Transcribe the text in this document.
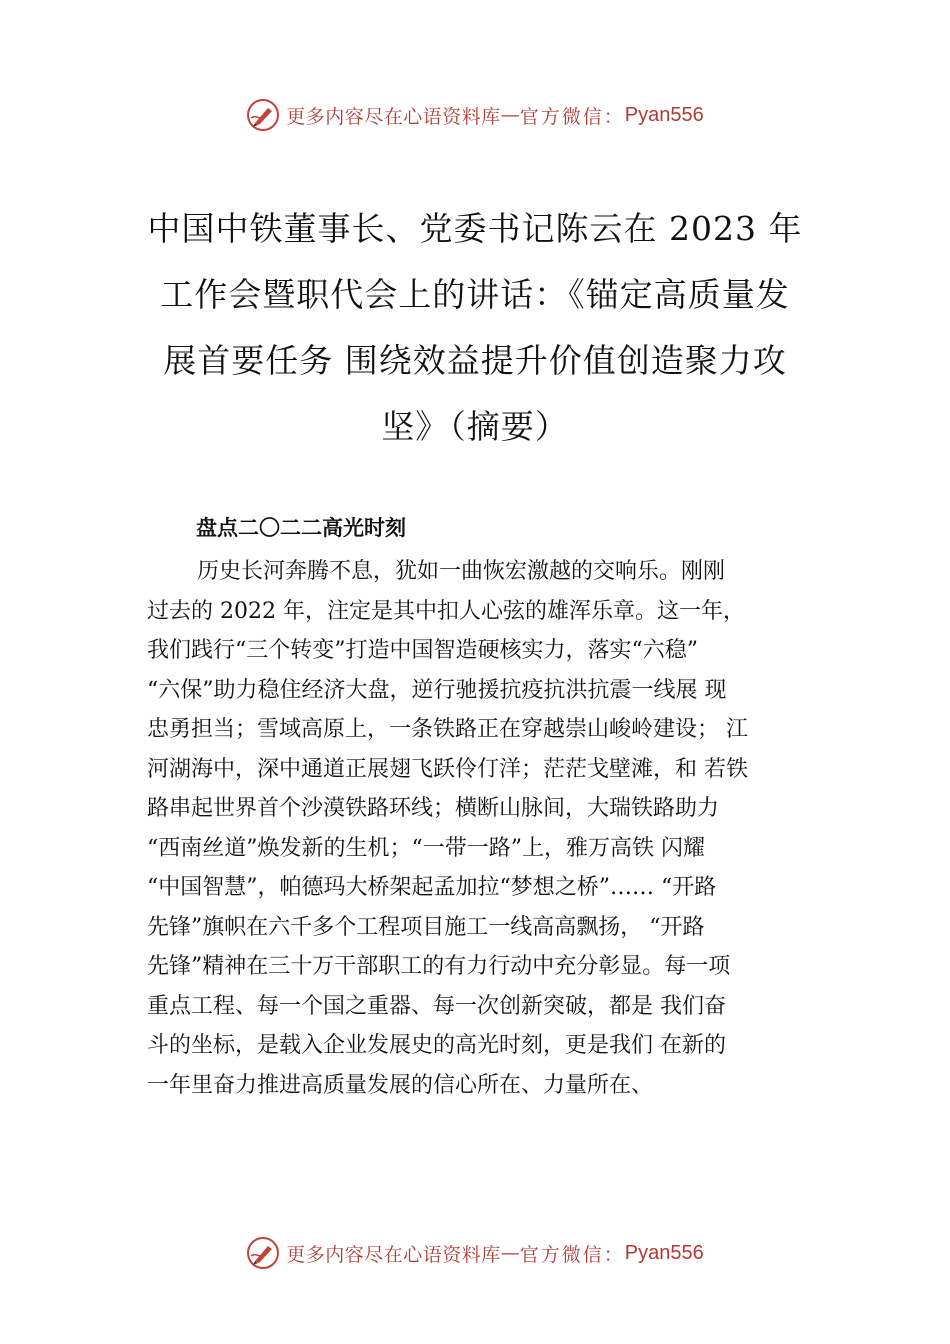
更多内容尽在心语资料库 — 官方微信： Pyan556
中国中铁董事长、党委书记陈云在 2023 年工作会暨职代会上的讲话：《锚定高质量发展首要任务 围绕效益提升价值创造聚力攻坚》（摘要）
盘点二〇二二高光时刻
历史长河奔腾不息，犹如一曲恢宏激越的交响乐。刚刚
过去的 2022 年，注定是其中扣人心弦的雄浑乐章。这一年，
我们践行“三个转变”打造中国智造硬核实力，落实“六稳”
“六保”助力稳住经济大盘，逆行驰援抗疫抗洪抗震一线展 现
忠勇担当；雪域高原上，一条铁路正在穿越崇山峻岭建设； 江
河湖海中，深中通道正展翅飞跃伶仃洋；茫茫戈壁滩，和 若铁
路串起世界首个沙漠铁路环线；横断山脉间，大瑞铁路助力
“西南丝道”焕发新的生机；“一带一路”上，雅万高铁 闪耀
“中国智慧”，帕德玛大桥架起孟加拉“梦想之桥”…… “开路
先锋”旗帜在六千多个工程项目施工一线高高飘扬， “开路
先锋”精神在三十万干部职工的有力行动中充分彰显。每一项
重点工程、每一个国之重器、每一次创新突破，都是 我们奋
斗的坐标，是载入企业发展史的高光时刻，更是我们 在新的
一年里奋力推进高质量发展的信心所在、力量所在、
更多内容尽在心语资料库 — 官方微信： Pyan556
